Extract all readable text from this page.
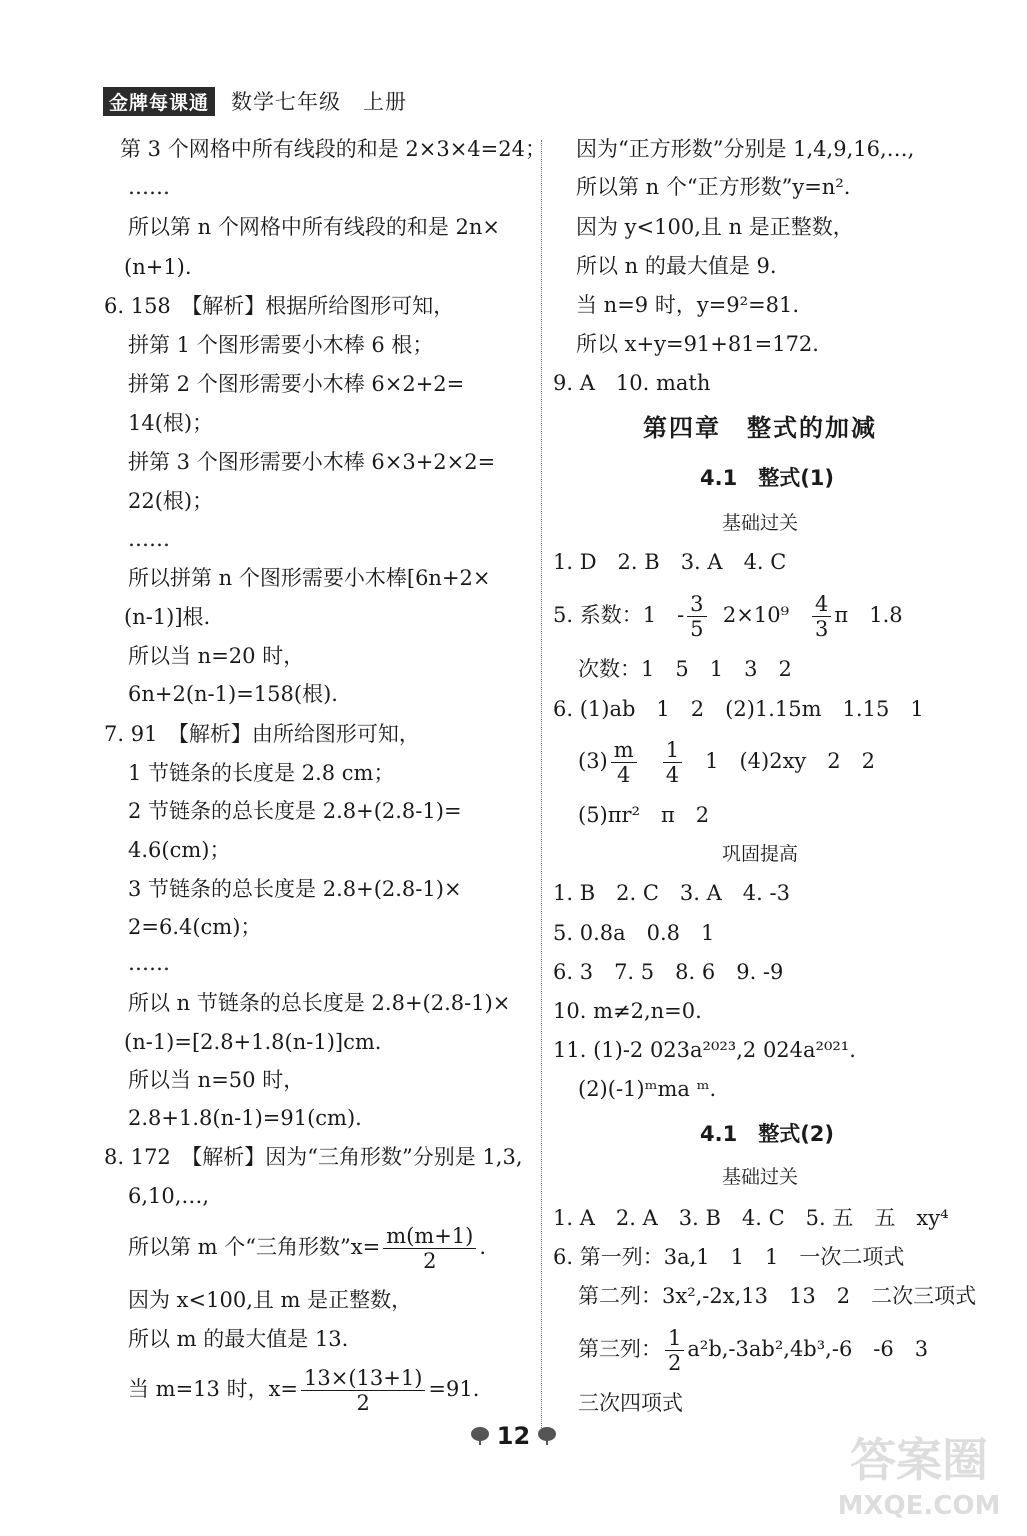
金牌每课通 数学七年级　上册
第 3 个网格中所有线段的和是 2×3×4=24；
……
所以第 n 个网格中所有线段的和是 2n×
(n+1).
6. 158　【解析】根据所给图形可知，
拼第 1 个图形需要小木棒 6 根；
拼第 2 个图形需要小木棒 6×2+2=
14(根)；
拼第 3 个图形需要小木棒 6×3+2×2=
22(根)；
……
所以拼第 n 个图形需要小木棒[6n+2×
(n-1)]根.
所以当 n=20 时，
6n+2(n-1)=158(根).
7. 91　【解析】由所给图形可知，
1 节链条的长度是 2.8 cm；
2 节链条的总长度是 2.8+(2.8-1)=
4.6(cm)；
3 节链条的总长度是 2.8+(2.8-1)×
2=6.4(cm)；
……
所以 n 节链条的总长度是 2.8+(2.8-1)×
(n-1)=[2.8+1.8(n-1)]cm.
所以当 n=50 时，
2.8+1.8(n-1)=91(cm).
8. 172　【解析】因为“三角形数”分别是 1,3,
6,10,…,
所以第 m 个“三角形数”x= $\frac{m(m+1)}{2}$ .
因为 x<100,且 m 是正整数，
所以 m 的最大值是 13.
当 m=13 时，$x= \frac{13\times(13+1)}{2} =91$.
因为“正方形数”分别是 1,4,9,16,…,
所以第 n 个“正方形数”y=n².
因为 y<100,且 n 是正整数，
所以 n 的最大值是 9.
当 n=9 时，y=9²=81.
所以 x+y=91+81=172.
9. A　10. math
第四章　整式的加减
4.1　整式(1)
基础过关
1. D　2. B　3. A　4. C
5. 系数：1　- $\frac{3}{5} 2\times 10^9 \frac{4}{3}$ π　1.8
次数：1　5　1　3　2
6. (1)ab　1　2　(2)1.15m　1.15　1
$(3) \frac{m}{4}$
$\frac{1}{4} 1$　(4)2xy　2　2
(5)πr²　π　2
巩固提高
1. B　2. C　3. A　4. -3
5. 0.8a　0.8　1
6. 3　7. 5　8. 6　9. -9
10. m≠2,n=0.
11. (1)-2 023a²⁰²³,2 024a²⁰²¹.
(2)(-1)ᵐma ᵐ.
4.1　整式(2)
基础过关
1. A　2. A　3. B　4. C　5. 五　五　xy⁴
6. 第一列：3a,1　1　1　一次二项式
第二列：3x²,-2x,13　13　2　二次三项式
第三列： $\frac{1}{2} a^2b,-3ab^2,4b^3,-6$　-6　3
三次四项式
12	答案圈
MXQE.COM
